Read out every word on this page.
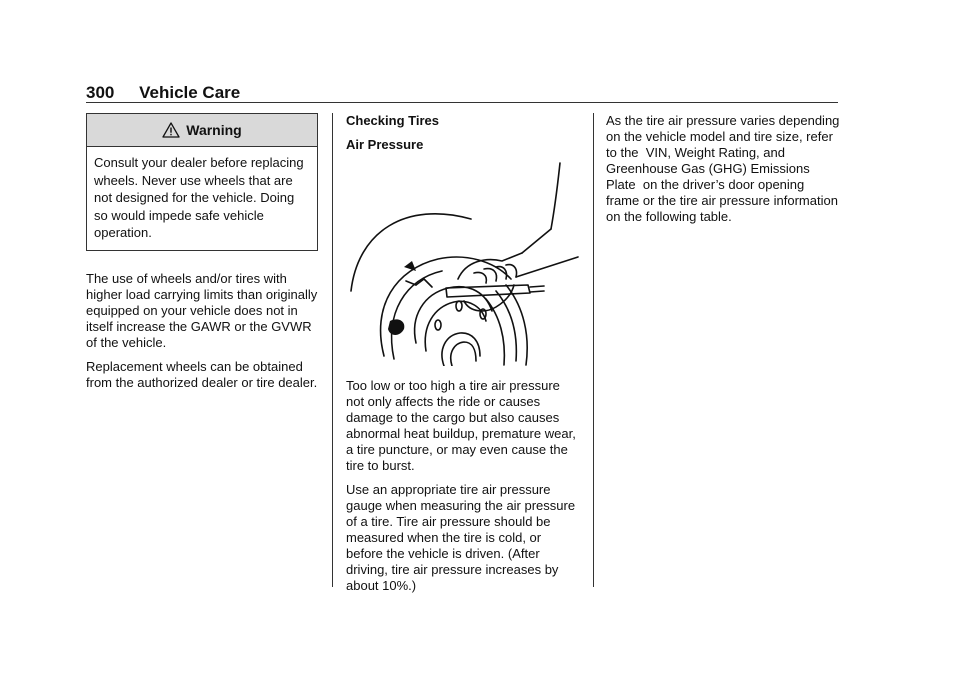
300 Vehicle Care
Warning
Consult your dealer before replacing wheels. Never use wheels that are not designed for the vehicle. Doing so would impede safe vehicle operation.

The use of wheels and/or tires with higher load carrying limits than originally equipped on your vehicle does not in itself increase the GAWR or the GVWR of the vehicle.

Replacement wheels can be obtained from the authorized dealer or tire dealer.

Checking Tires

Air Pressure

Too low or too high a tire air pressure not only affects the ride or causes damage to the cargo but also causes abnormal heat buildup, premature wear, a tire puncture, or may even cause the tire to burst.

Use an appropriate tire air pressure gauge when measuring the air pressure of a tire. Tire air pressure should be measured when the tire is cold, or before the vehicle is driven. (After driving, tire air pressure increases by about 10%.)

As the tire air pressure varies depending on the vehicle model and tire size, refer to the  VIN, Weight Rating, and Greenhouse Gas (GHG) Emissions Plate  on the driver’s door opening frame or the tire air pressure information on the following table.
